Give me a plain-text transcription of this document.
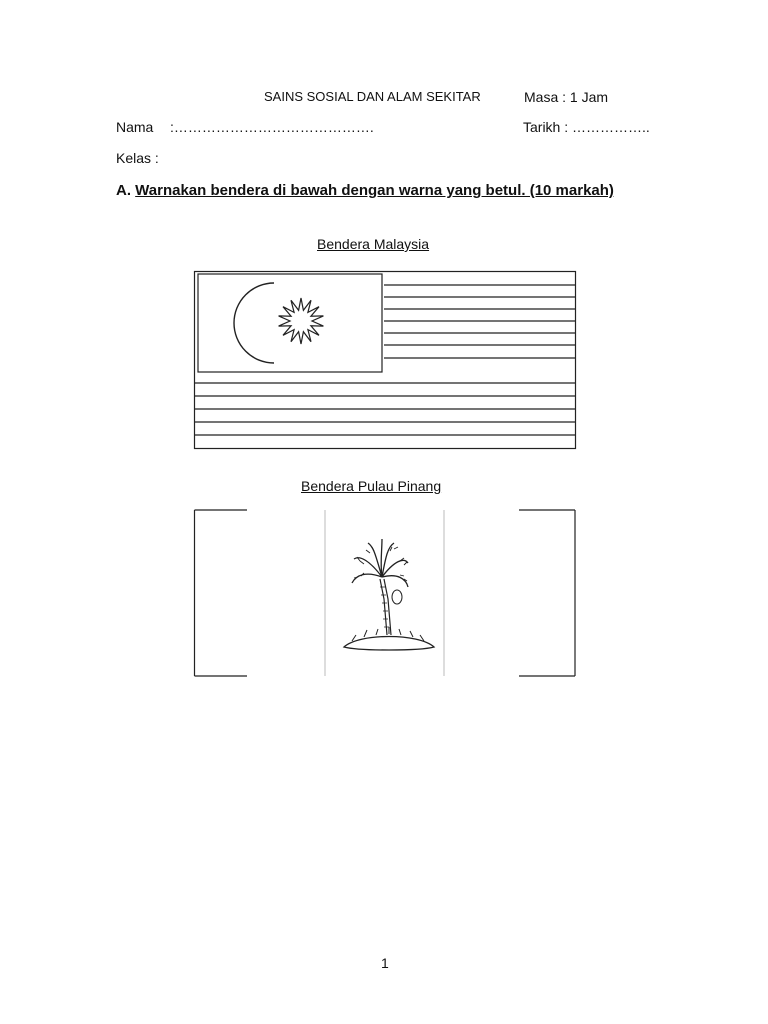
SAINS SOSIAL DAN ALAM SEKITAR	Masa : 1 Jam
Nama :…………………………………….	Tarikh : ……………..
Kelas :
A. Warnakan bendera di bawah dengan warna yang betul. (10 markah)
Bendera Malaysia
Bendera Pulau Pinang
1
